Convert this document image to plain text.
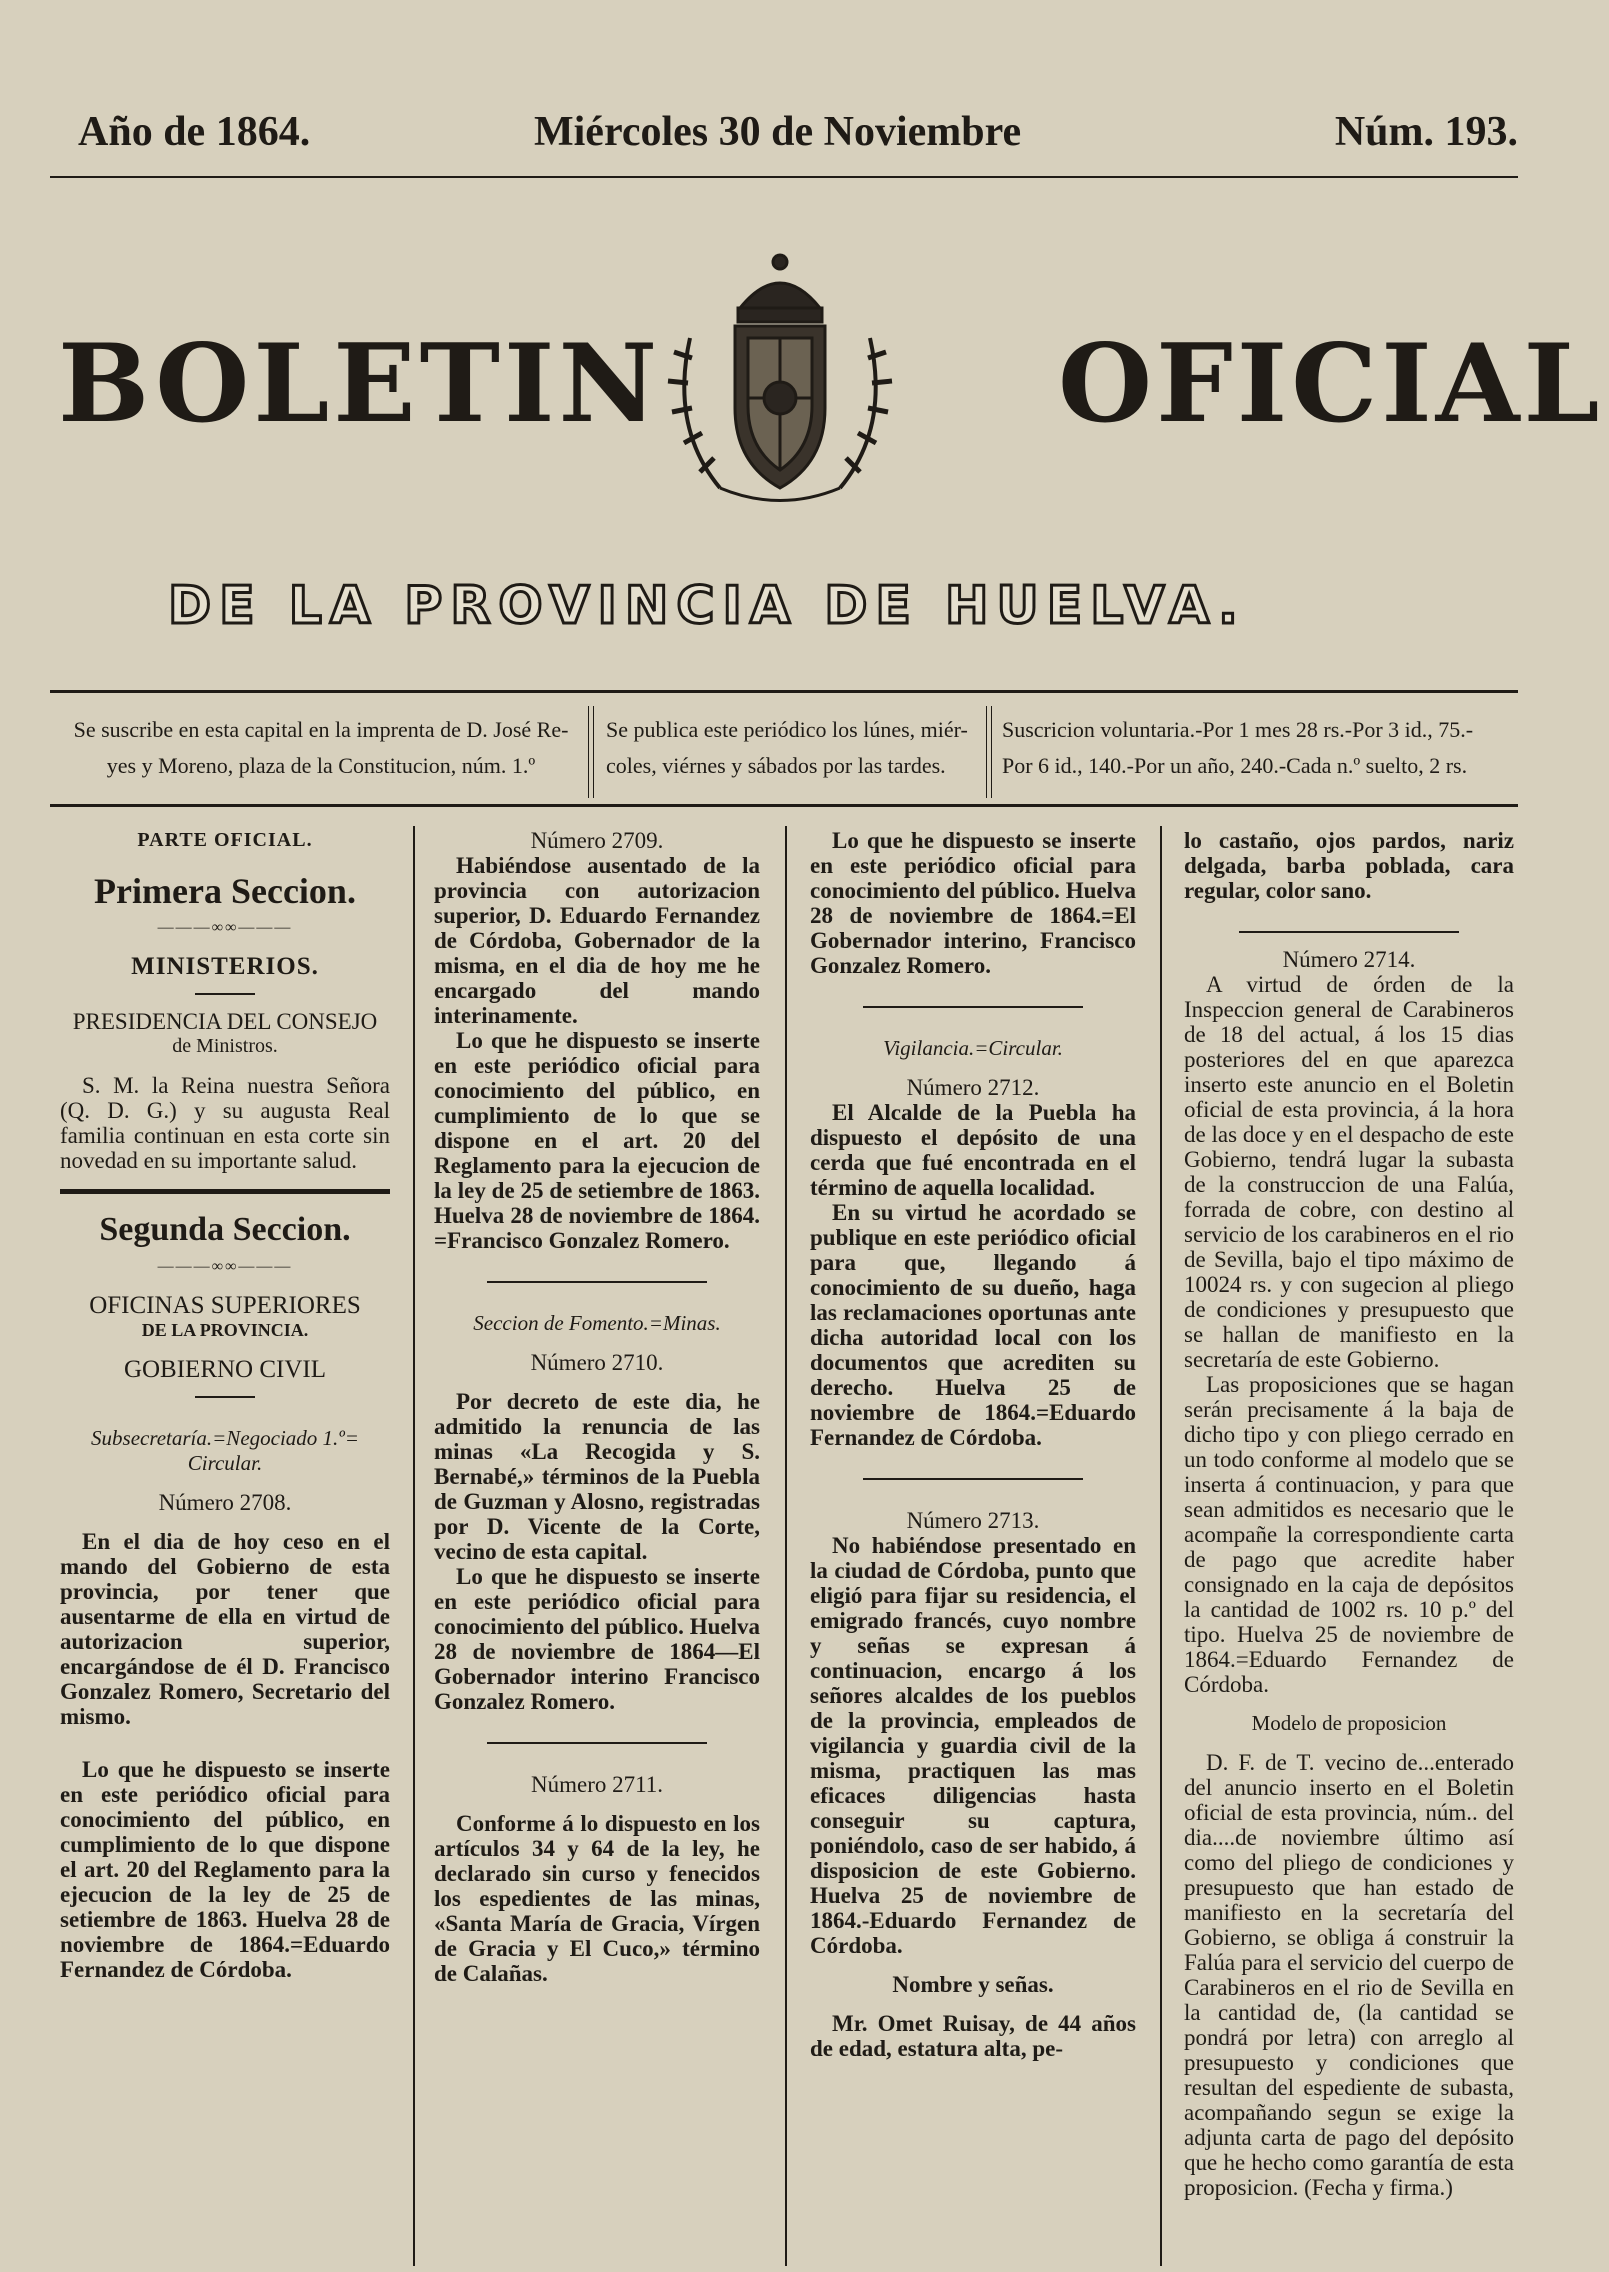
Año de 1864.	Miércoles 30 de Noviembre	Núm. 193.
BOLETIN	OFICIAL
DE LA PROVINCIA DE HUELVA.
Se suscribe en esta capital en la imprenta de D. José Re-
yes y Moreno, plaza de la Constitucion, núm. 1.º
Se publica este periódico los lúnes, miér-
coles, viérnes y sábados por las tardes.
Suscricion voluntaria.-Por 1 mes 28 rs.-Por 3 id., 75.-
Por 6 id., 140.-Por un año, 240.-Cada n.º suelto, 2 rs.

PARTE OFICIAL.

Primera Seccion.

———∞∞———

MINISTERIOS.

PRESIDENCIA DEL CONSEJO

de Ministros.

S. M. la Reina nuestra Señora (Q. D. G.) y su augusta Real familia continuan en esta corte sin novedad en su importante salud.

Segunda Seccion.

———∞∞———

OFICINAS SUPERIORES

DE LA PROVINCIA.

GOBIERNO CIVIL

Subsecretaría.=Negociado 1.º= Circular.

Número 2708.

En el dia de hoy ceso en el mando del Gobierno de esta provincia, por tener que ausentarme de ella en virtud de autorizacion superior, encargándose de él D. Francisco Gonzalez Romero, Secretario del mismo.

Lo que he dispuesto se inserte en este periódico oficial para conocimiento del público, en cumplimiento de lo que dispone el art. 20 del Reglamento para la ejecucion de la ley de 25 de setiembre de 1863. Huelva 28 de noviembre de 1864.=Eduardo Fernandez de Córdoba.

Número 2709.

Habiéndose ausentado de la provincia con autorizacion superior, D. Eduardo Fernandez de Córdoba, Gobernador de la misma, en el dia de hoy me he encargado del mando interinamente.

Lo que he dispuesto se inserte en este periódico oficial para conocimiento del público, en cumplimiento de lo que se dispone en el art. 20 del Reglamento para la ejecucion de la ley de 25 de setiembre de 1863. Huelva 28 de noviembre de 1864. =Francisco Gonzalez Romero.

Seccion de Fomento.=Minas.

Número 2710.

Por decreto de este dia, he admitido la renuncia de las minas «La Recogida y S. Bernabé,» términos de la Puebla de Guzman y Alosno, registradas por D. Vicente de la Corte, vecino de esta capital.

Lo que he dispuesto se inserte en este periódico oficial para conocimiento del público. Huelva 28 de noviembre de 1864—El Gobernador interino Francisco Gonzalez Romero.

Número 2711.

Conforme á lo dispuesto en los artículos 34 y 64 de la ley, he declarado sin curso y fenecidos los espedientes de las minas, «Santa María de Gracia, Vírgen de Gracia y El Cuco,» término de Calañas.

Lo que he dispuesto se inserte en este periódico oficial para conocimiento del público. Huelva 28 de noviembre de 1864.=El Gobernador interino, Francisco Gonzalez Romero.

Vigilancia.=Circular.

Número 2712.

El Alcalde de la Puebla ha dispuesto el depósito de una cerda que fué encontrada en el término de aquella localidad.

En su virtud he acordado se publique en este periódico oficial para que, llegando á conocimiento de su dueño, haga las reclamaciones oportunas ante dicha autoridad local con los documentos que acrediten su derecho. Huelva 25 de noviembre de 1864.=Eduardo Fernandez de Córdoba.

Número 2713.

No habiéndose presentado en la ciudad de Córdoba, punto que eligió para fijar su residencia, el emigrado francés, cuyo nombre y señas se expresan á continuacion, encargo á los señores alcaldes de los pueblos de la provincia, empleados de vigilancia y guardia civil de la misma, practiquen las mas eficaces diligencias hasta conseguir su captura, poniéndolo, caso de ser habido, á disposicion de este Gobierno. Huelva 25 de noviembre de 1864.-Eduardo Fernandez de Córdoba.

Nombre y señas.

Mr. Omet Ruisay, de 44 años de edad, estatura alta, pe-

lo castaño, ojos pardos, nariz delgada, barba poblada, cara regular, color sano.

Número 2714.

A virtud de órden de la Inspeccion general de Carabineros de 18 del actual, á los 15 dias posteriores del en que aparezca inserto este anuncio en el Boletin oficial de esta provincia, á la hora de las doce y en el despacho de este Gobierno, tendrá lugar la subasta de la construccion de una Falúa, forrada de cobre, con destino al servicio de los carabineros en el rio de Sevilla, bajo el tipo máximo de 10024 rs. y con sugecion al pliego de condiciones y presupuesto que se hallan de manifiesto en la secretaría de este Gobierno.

Las proposiciones que se hagan serán precisamente á la baja de dicho tipo y con pliego cerrado en un todo conforme al modelo que se inserta á continuacion, y para que sean admitidos es necesario que le acompañe la correspondiente carta de pago que acredite haber consignado en la caja de depósitos la cantidad de 1002 rs. 10 p.º del tipo. Huelva 25 de noviembre de 1864.=Eduardo Fernandez de Córdoba.

Modelo de proposicion

D. F. de T. vecino de...enterado del anuncio inserto en el Boletin oficial de esta provincia, núm.. del dia....de noviembre último así como del pliego de condiciones y presupuesto que han estado de manifiesto en la secretaría del Gobierno, se obliga á construir la Falúa para el servicio del cuerpo de Carabineros en el rio de Sevilla en la cantidad de, (la cantidad se pondrá por letra) con arreglo al presupuesto y condiciones que resultan del espediente de subasta, acompañando segun se exige la adjunta carta de pago del depósito que he hecho como garantía de esta proposicion. (Fecha y firma.)
